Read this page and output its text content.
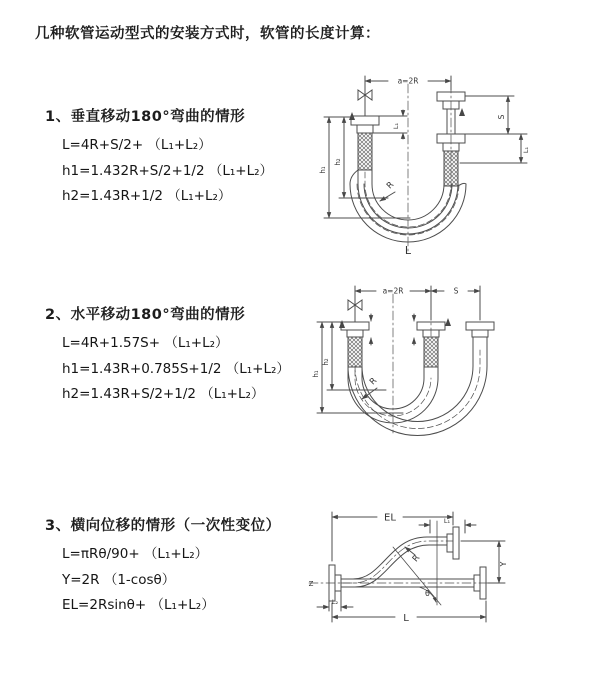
几种软管运动型式的安装方式时，软管的长度计算：
1、垂直移动180°弯曲的情形
L=4R+S/2+ （L₁+L₂）
h1=1.432R+S/2+1/2 （L₁+L₂）
h2=1.43R+1/2 （L₁+L₂）
2、水平移动180°弯曲的情形
L=4R+1.57S+ （L₁+L₂）
h1=1.43R+0.785S+1/2 （L₁+L₂）
h2=1.43R+S/2+1/2 （L₁+L₂）
3、横向位移的情形（一次性变位）
L=πRθ/90+ （L₁+L₂）
Y=2R （1-cosθ）
EL=2Rsinθ+ （L₁+L₂）
a=2R
h₁
h₂
L₁
S
L₁
R
L
a=2R	S
h₁
h₂
R
EL	L₁
Y
R
θ
L
Z
L₂
